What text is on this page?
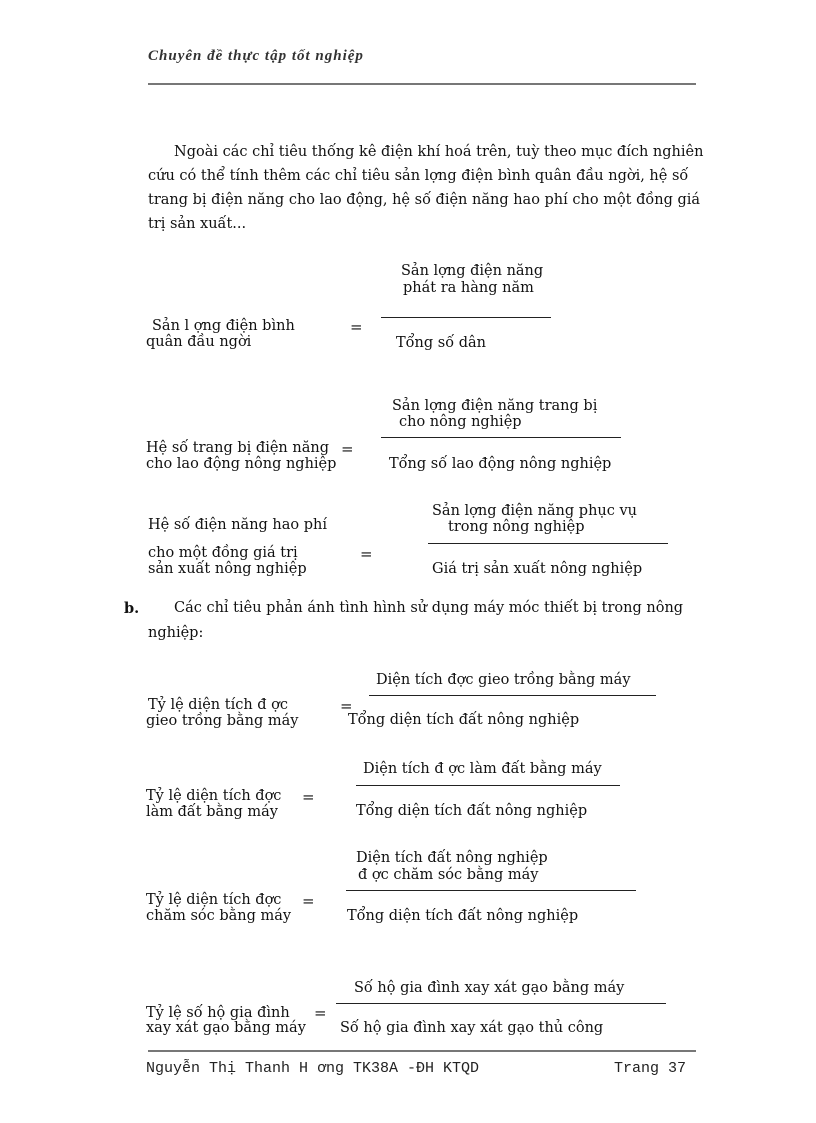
Chuyên đề thực tập tốt nghiệp
Ngoài các chỉ tiêu thống kê điện khí hoá trên, tuỳ theo mục đích nghiên
cứu có thể tính thêm các chỉ tiêu sản lợng điện bình quân đầu ngời, hệ số
trang bị điện năng cho lao động, hệ số điện năng hao phí cho một đồng giá
trị sản xuất...
Sản l ợng điện bình
quân đầu ngời
=
Sản lợng điện năng
phát ra hàng năm
Tổng số dân
Hệ số trang bị điện năng
cho lao động nông nghiệp
=
Sản lợng điện năng trang bị
cho nông nghiệp
Tổng số lao động nông nghiệp
Hệ số điện năng hao phí
cho một đồng giá trị
sản xuất nông nghiệp
=
Sản lợng điện năng phục vụ
trong nông nghiệp
Giá trị sản xuất nông nghiệp
b. Các chỉ tiêu phản ánh tình hình sử dụng máy móc thiết bị trong nông
nghiệp:
Tỷ lệ diện tích đ ợc
gieo trồng bằng máy
=
Diện tích đợc gieo trồng bằng máy
Tổng diện tích đất nông nghiệp
Tỷ lệ diện tích đợc
làm đất bằng máy
=
Diện tích đ ợc làm đất bằng máy
Tổng diện tích đất nông nghiệp
Tỷ lệ diện tích đợc
chăm sóc bằng máy
=
Diện tích đất nông nghiệp
đ ợc chăm sóc bằng máy
Tổng diện tích đất nông nghiệp
Tỷ lệ số hộ gia đình
xay xát gạo bằng máy
=
Số hộ gia đình xay xát gạo bằng máy
Số hộ gia đình xay xát gạo thủ công
Nguyễn Thị Thanh H ơng TK38A -ĐH KTQD	Trang 37
